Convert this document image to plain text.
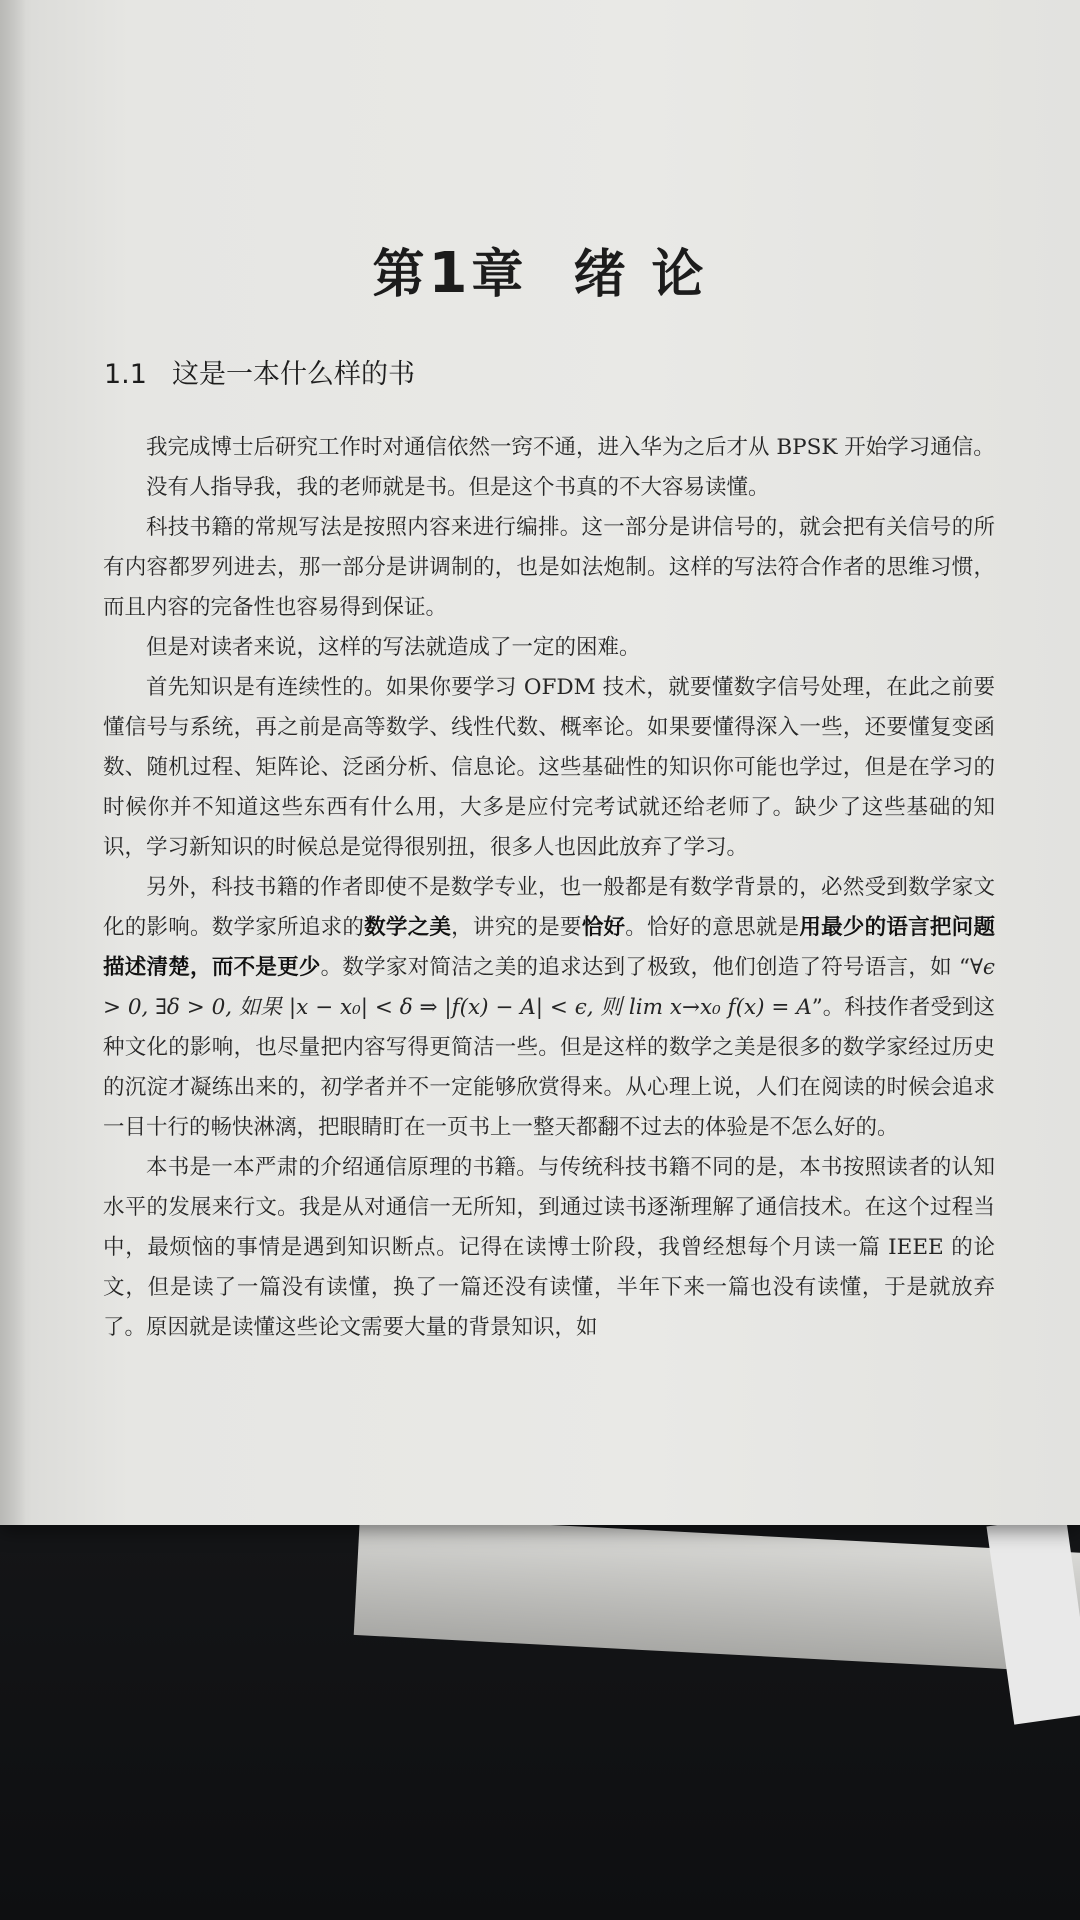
第1章 绪 论
1.1 这是一本什么样的书

我完成博士后研究工作时对通信依然一窍不通，进入华为之后才从 BPSK 开始学习通信。

没有人指导我，我的老师就是书。但是这个书真的不大容易读懂。

科技书籍的常规写法是按照内容来进行编排。这一部分是讲信号的，就会把有关信号的所有内容都罗列进去，那一部分是讲调制的，也是如法炮制。这样的写法符合作者的思维习惯，而且内容的完备性也容易得到保证。

但是对读者来说，这样的写法就造成了一定的困难。

首先知识是有连续性的。如果你要学习 OFDM 技术，就要懂数字信号处理，在此之前要懂信号与系统，再之前是高等数学、线性代数、概率论。如果要懂得深入一些，还要懂复变函数、随机过程、矩阵论、泛函分析、信息论。这些基础性的知识你可能也学过，但是在学习的时候你并不知道这些东西有什么用，大多是应付完考试就还给老师了。缺少了这些基础的知识，学习新知识的时候总是觉得很别扭，很多人也因此放弃了学习。

另外，科技书籍的作者即使不是数学专业，也一般都是有数学背景的，必然受到数学家文化的影响。数学家所追求的数学之美，讲究的是要恰好。恰好的意思就是用最少的语言把问题描述清楚，而不是更少。数学家对简洁之美的追求达到了极致，他们创造了符号语言，如 “∀ϵ > 0, ∃δ > 0, 如果 |x − x₀| < δ ⇒ |f(x) − A| < ϵ, 则 lim x→x₀ f(x) = A”。科技作者受到这种文化的影响，也尽量把内容写得更简洁一些。但是这样的数学之美是很多的数学家经过历史的沉淀才凝练出来的，初学者并不一定能够欣赏得来。从心理上说，人们在阅读的时候会追求一目十行的畅快淋漓，把眼睛盯在一页书上一整天都翻不过去的体验是不怎么好的。

本书是一本严肃的介绍通信原理的书籍。与传统科技书籍不同的是，本书按照读者的认知水平的发展来行文。我是从对通信一无所知，到通过读书逐渐理解了通信技术。在这个过程当中，最烦恼的事情是遇到知识断点。记得在读博士阶段，我曾经想每个月读一篇 IEEE 的论文，但是读了一篇没有读懂，换了一篇还没有读懂，半年下来一篇也没有读懂，于是就放弃了。原因就是读懂这些论文需要大量的背景知识，如
